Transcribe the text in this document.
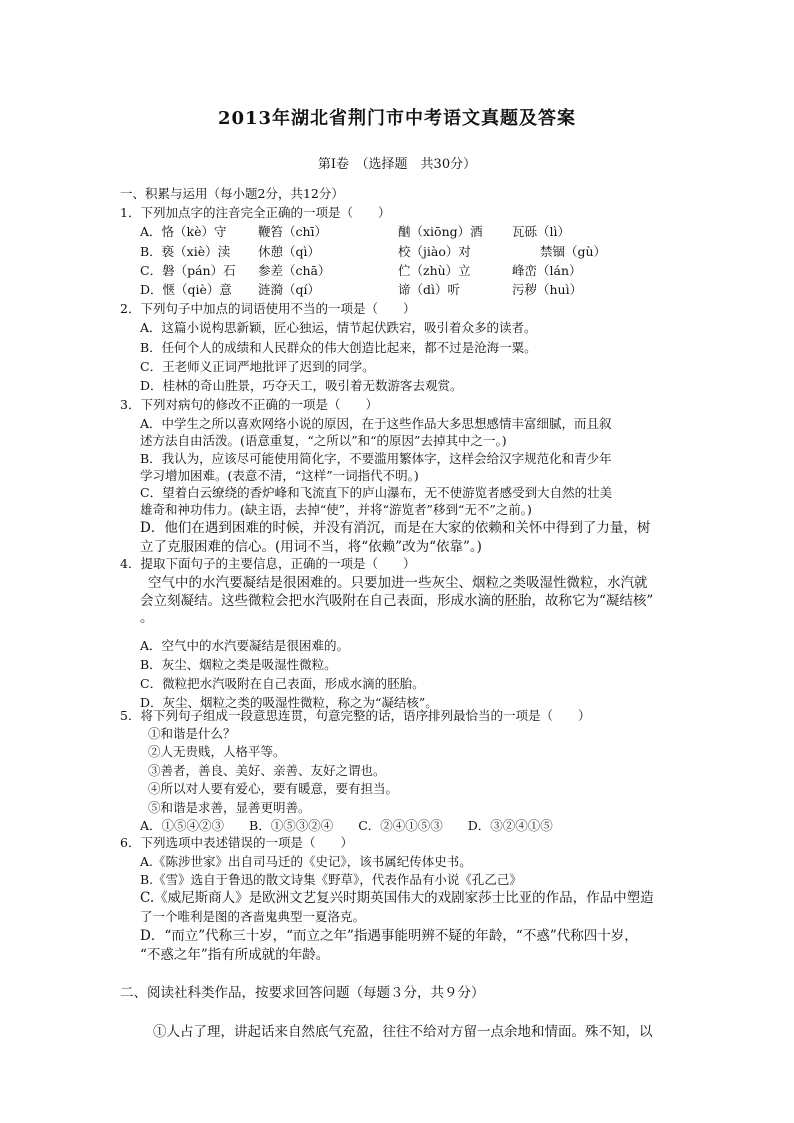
2013年湖北省荆门市中考语文真题及答案
第Ⅰ卷　（选择题　共30分）
一、积累与运用（每小题2分，共12分）
1．下列加点字的注音完全正确的一项是（　　）
A．恪（kè）守	鞭笞（chī）	酗（xiōng）酒 瓦砾（lì）
B．亵（xiè）渎 休憩（qì）	校（jiào）对	禁锢（gù）
C．磐（pán）石 参差（chā）	伫（zhù）立	峰峦（lán）
D．惬（qiè）意 涟漪（qí）	谛（dì）听	污秽（huì）
2．下列句子中加点的词语使用不当的一项是（　　）
A．这篇小说构思新颖，匠心独运，情节起伏跌宕，吸引着众多的读者。
B．任何个人的成绩和人民群众的伟大创造比起来，都不过是沧海一粟。
C．王老师义正词严地批评了迟到的同学。
D．桂林的奇山胜景，巧夺天工，吸引着无数游客去观赏。
3．下列对病句的修改不正确的一项是（　　）
A．中学生之所以喜欢网络小说的原因，在于这些作品大多思想感情丰富细腻，而且叙
述方法自由活泼。(语意重复，“之所以”和“的原因”去掉其中之一。)
B．我认为，应该尽可能使用简化字，不要滥用繁体字，这样会给汉字规范化和青少年
学习增加困难。(表意不清，“这样”一词指代不明。)
C．望着白云缭绕的香炉峰和飞流直下的庐山瀑布，无不使游览者感受到大自然的壮美
雄奇和神功伟力。(缺主语，去掉“使”，并将“游览者”移到“无不”之前。)
D．他们在遇到困难的时候，并没有消沉，而是在大家的依赖和关怀中得到了力量，树
立了克服困难的信心。(用词不当，将“依赖”改为“依靠”。)
4．提取下面句子的主要信息，正确的一项是（　　）
空气中的水汽要凝结是很困难的。只要加进一些灰尘、烟粒之类吸湿性微粒，水汽就
会立刻凝结。这些微粒会把水汽吸附在自己表面，形成水滴的胚胎，故称它为“凝结核”
。
A．空气中的水汽要凝结是很困难的。
B．灰尘、烟粒之类是吸湿性微粒。
C．微粒把水汽吸附在自己表面，形成水滴的胚胎。
D．灰尘、烟粒之类的吸湿性微粒，称之为“凝结核”。
5．将下列句子组成一段意思连贯，句意完整的话，语序排列最恰当的一项是（　　）
①和谐是什么？
②人无贵贱，人格平等。
③善者，善良、美好、亲善、友好之谓也。
④所以对人要有爱心，要有暖意，要有担当。
⑤和谐是求善，显善更明善。
A．①⑤④②③　　B．①⑤③②④　　C．②④①⑤③　　D．③②④①⑤
6．下列选项中表述错误的一项是（　　）
A.《陈涉世家》出自司马迁的《史记》，该书属纪传体史书。
B.《雪》选自于鲁迅的散文诗集《野草》，代表作品有小说《孔乙己》
C.《威尼斯商人》是欧洲文艺复兴时期英国伟大的戏剧家莎士比亚的作品，作品中塑造
了一个唯利是图的吝啬鬼典型一夏洛克。
D．“而立”代称三十岁，“而立之年”指遇事能明辨不疑的年龄，“不惑”代称四十岁，
“不惑之年”指有所成就的年龄。
二、阅读社科类作品，按要求回答问题（每题３分，共９分）
①人占了理，讲起话来自然底气充盈，往往不给对方留一点余地和情面。殊不知，以
